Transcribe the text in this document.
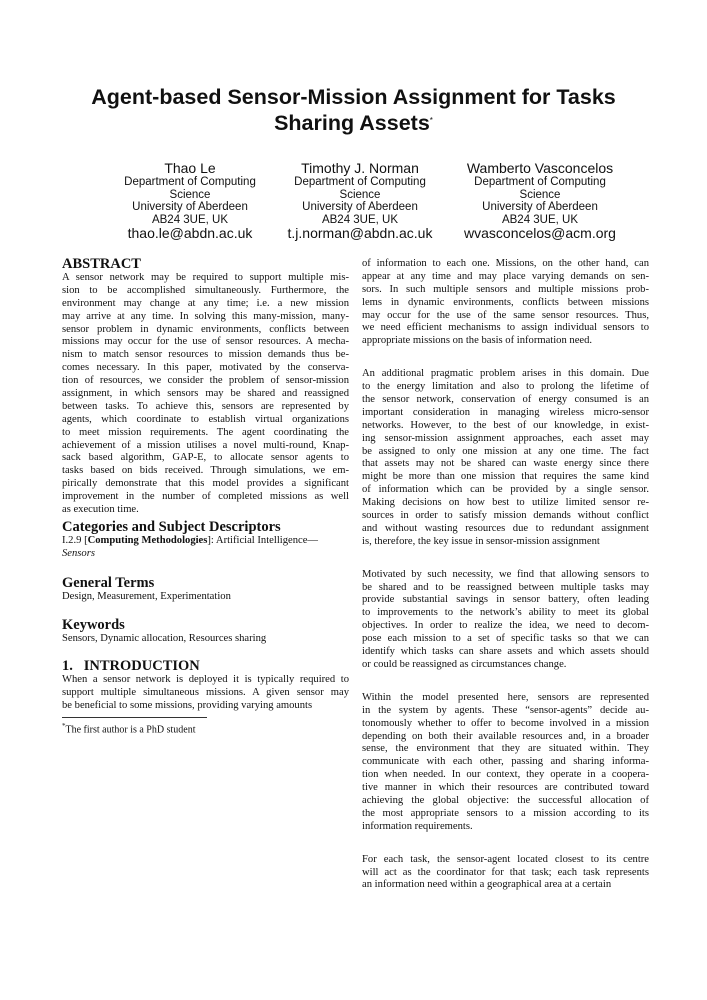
Agent-based Sensor-Mission Assignment for Tasks
Sharing Assets*
Thao Le
Department of Computing
Science
University of Aberdeen
AB24 3UE, UK
thao.le@abdn.ac.uk
Timothy J. Norman
Department of Computing
Science
University of Aberdeen
AB24 3UE, UK
t.j.norman@abdn.ac.uk
Wamberto Vasconcelos
Department of Computing
Science
University of Aberdeen
AB24 3UE, UK
wvasconcelos@acm.org
ABSTRACT
A sensor network may be required to support multiple mis-
sion to be accomplished simultaneously. Furthermore, the
environment may change at any time; i.e. a new mission
may arrive at any time. In solving this many-mission, many-
sensor problem in dynamic environments, conflicts between
missions may occur for the use of sensor resources. A mecha-
nism to match sensor resources to mission demands thus be-
comes necessary. In this paper, motivated by the conserva-
tion of resources, we consider the problem of sensor-mission
assignment, in which sensors may be shared and reassigned
between tasks. To achieve this, sensors are represented by
agents, which coordinate to establish virtual organizations
to meet mission requirements. The agent coordinating the
achievement of a mission utilises a novel multi-round, Knap-
sack based algorithm, GAP-E, to allocate sensor agents to
tasks based on bids received. Through simulations, we em-
pirically demonstrate that this model provides a significant
improvement in the number of completed missions as well
as execution time.
Categories and Subject Descriptors
I.2.9 [Computing Methodologies]: Artificial Intelligence—
Sensors
General Terms
Design, Measurement, Experimentation
Keywords
Sensors, Dynamic allocation, Resources sharing
1.   INTRODUCTION
When a sensor network is deployed it is typically required to
support multiple simultaneous missions. A given sensor may
be beneficial to some missions, providing varying amounts
*The first author is a PhD student
of information to each one. Missions, on the other hand, can
appear at any time and may place varying demands on sen-
sors. In such multiple sensors and multiple missions prob-
lems in dynamic environments, conflicts between missions
may occur for the use of the same sensor resources. Thus,
we need efficient mechanisms to assign individual sensors to
appropriate missions on the basis of information need.
An additional pragmatic problem arises in this domain. Due
to the energy limitation and also to prolong the lifetime of
the sensor network, conservation of energy consumed is an
important consideration in managing wireless micro-sensor
networks. However, to the best of our knowledge, in exist-
ing sensor-mission assignment approaches, each asset may
be assigned to only one mission at any one time. The fact
that assets may not be shared can waste energy since there
might be more than one mission that requires the same kind
of information which can be provided by a single sensor.
Making decisions on how best to utilize limited sensor re-
sources in order to satisfy mission demands without conflict
and without wasting resources due to redundant assignment
is, therefore, the key issue in sensor-mission assignment
Motivated by such necessity, we find that allowing sensors to
be shared and to be reassigned between multiple tasks may
provide substantial savings in sensor battery, often leading
to improvements to the network’s ability to meet its global
objectives. In order to realize the idea, we need to decom-
pose each mission to a set of specific tasks so that we can
identify which tasks can share assets and which assets should
or could be reassigned as circumstances change.
Within the model presented here, sensors are represented
in the system by agents. These “sensor-agents” decide au-
tonomously whether to offer to become involved in a mission
depending on both their available resources and, in a broader
sense, the environment that they are situated within. They
communicate with each other, passing and sharing informa-
tion when needed. In our context, they operate in a coopera-
tive manner in which their resources are contributed toward
achieving the global objective: the successful allocation of
the most appropriate sensors to a mission according to its
information requirements.
For each task, the sensor-agent located closest to its centre
will act as the coordinator for that task; each task represents
an information need within a geographical area at a certain
